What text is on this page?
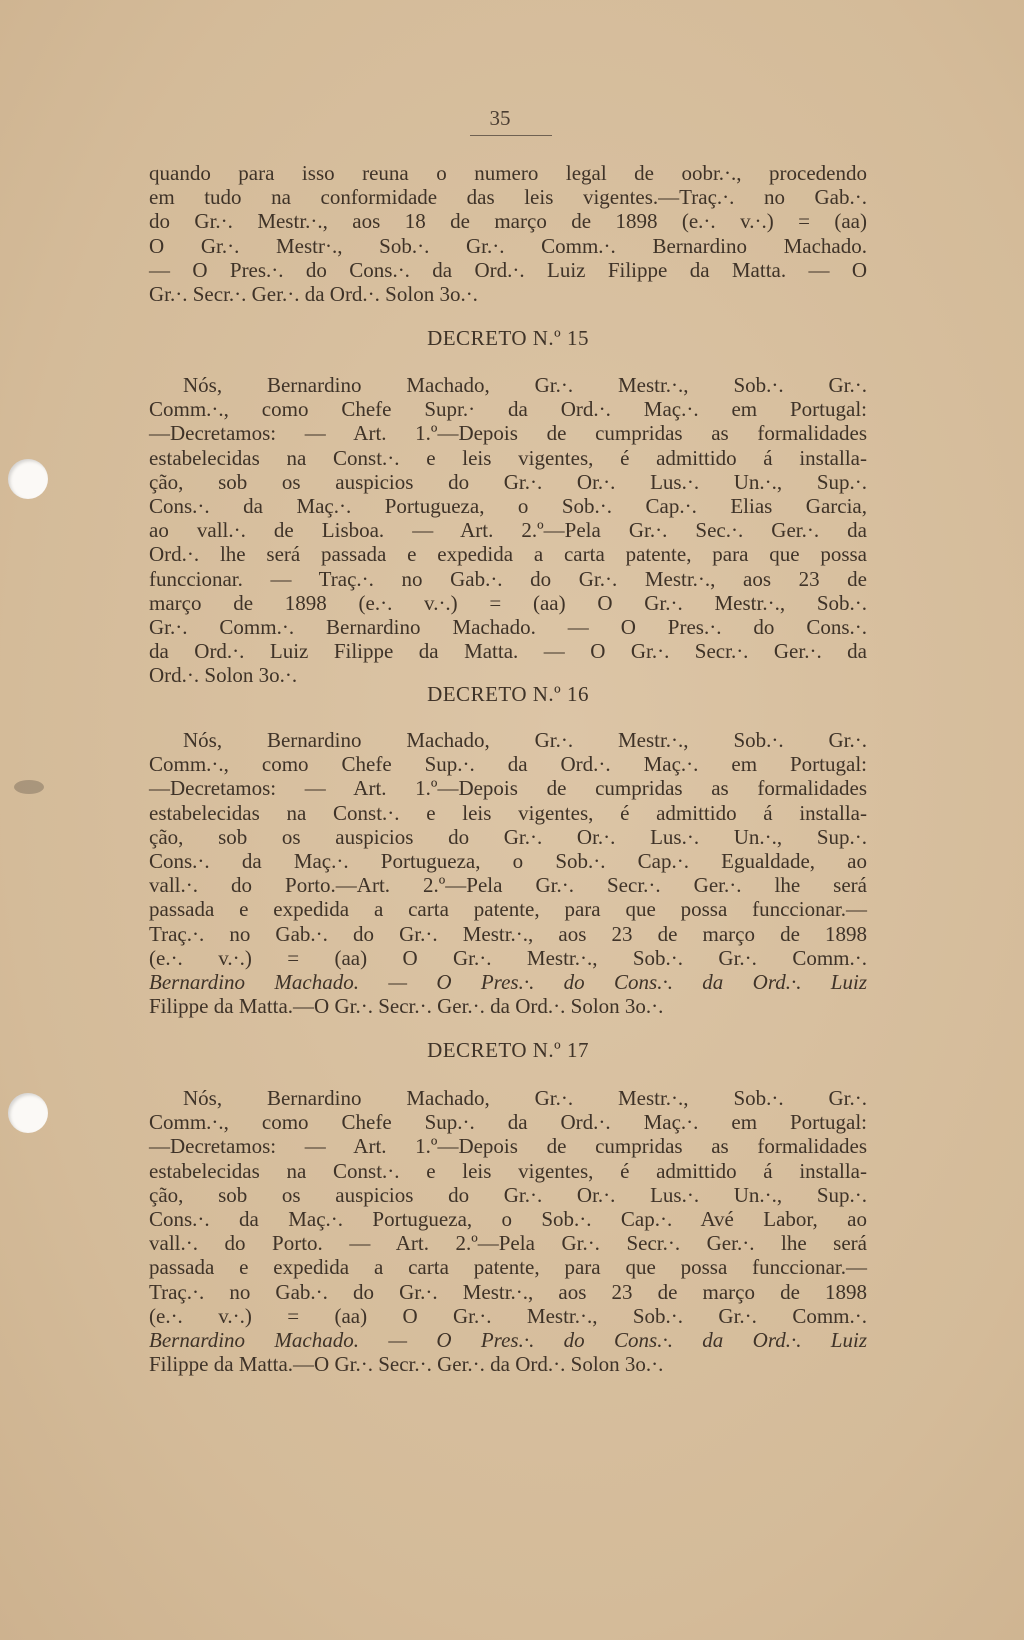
35

quando para isso reuna o numero legal de oobr.·., procedendo
em tudo na conformidade das leis vigentes.—Traç.·. no Gab.·.
do Gr.·. Mestr.·., aos 18 de março de 1898 (e.·. v.·.) = (aa)
O Gr.·. Mestr·., Sob.·. Gr.·. Comm.·. Bernardino Machado.
— O Pres.·. do Cons.·. da Ord.·. Luiz Filippe da Matta. — O
Gr.·. Secr.·. Ger.·. da Ord.·. Solon 3o.·.

DECRETO N.º 15

Nós, Bernardino Machado, Gr.·. Mestr.·., Sob.·. Gr.·.
Comm.·., como Chefe Supr.· da Ord.·. Maç.·. em Portugal:
—Decretamos: — Art. 1.º—Depois de cumpridas as formalidades
estabelecidas na Const.·. e leis vigentes, é admittido á installa-
ção, sob os auspicios do Gr.·. Or.·. Lus.·. Un.·., Sup.·.
Cons.·. da Maç.·. Portugueza, o Sob.·. Cap.·. Elias Garcia,
ao vall.·. de Lisboa. — Art. 2.º—Pela Gr.·. Sec.·. Ger.·. da
Ord.·. lhe será passada e expedida a carta patente, para que possa
funccionar. — Traç.·. no Gab.·. do Gr.·. Mestr.·., aos 23 de
março de 1898 (e.·. v.·.) = (aa) O Gr.·. Mestr.·., Sob.·.
Gr.·. Comm.·. Bernardino Machado. — O Pres.·. do Cons.·.
da Ord.·. Luiz Filippe da Matta. — O Gr.·. Secr.·. Ger.·. da
Ord.·. Solon 3o.·.

DECRETO N.º 16

Nós, Bernardino Machado, Gr.·. Mestr.·., Sob.·. Gr.·.
Comm.·., como Chefe Sup.·. da Ord.·. Maç.·. em Portugal:
—Decretamos: — Art. 1.º—Depois de cumpridas as formalidades
estabelecidas na Const.·. e leis vigentes, é admittido á installa-
ção, sob os auspicios do Gr.·. Or.·. Lus.·. Un.·., Sup.·.
Cons.·. da Maç.·. Portugueza, o Sob.·. Cap.·. Egualdade, ao
vall.·. do Porto.—Art. 2.º—Pela Gr.·. Secr.·. Ger.·. lhe será
passada e expedida a carta patente, para que possa funccionar.—
Traç.·. no Gab.·. do Gr.·. Mestr.·., aos 23 de março de 1898
(e.·. v.·.) = (aa) O Gr.·. Mestr.·., Sob.·. Gr.·. Comm.·.
Bernardino Machado. — O Pres.·. do Cons.·. da Ord.·. Luiz
Filippe da Matta.—O Gr.·. Secr.·. Ger.·. da Ord.·. Solon 3o.·.

DECRETO N.º 17

Nós, Bernardino Machado, Gr.·. Mestr.·., Sob.·. Gr.·.
Comm.·., como Chefe Sup.·. da Ord.·. Maç.·. em Portugal:
—Decretamos: — Art. 1.º—Depois de cumpridas as formalidades
estabelecidas na Const.·. e leis vigentes, é admittido á installa-
ção, sob os auspicios do Gr.·. Or.·. Lus.·. Un.·., Sup.·.
Cons.·. da Maç.·. Portugueza, o Sob.·. Cap.·. Avé Labor, ao
vall.·. do Porto. — Art. 2.º—Pela Gr.·. Secr.·. Ger.·. lhe será
passada e expedida a carta patente, para que possa funccionar.—
Traç.·. no Gab.·. do Gr.·. Mestr.·., aos 23 de março de 1898
(e.·. v.·.) = (aa) O Gr.·. Mestr.·., Sob.·. Gr.·. Comm.·.
Bernardino Machado. — O Pres.·. do Cons.·. da Ord.·. Luiz
Filippe da Matta.—O Gr.·. Secr.·. Ger.·. da Ord.·. Solon 3o.·.
